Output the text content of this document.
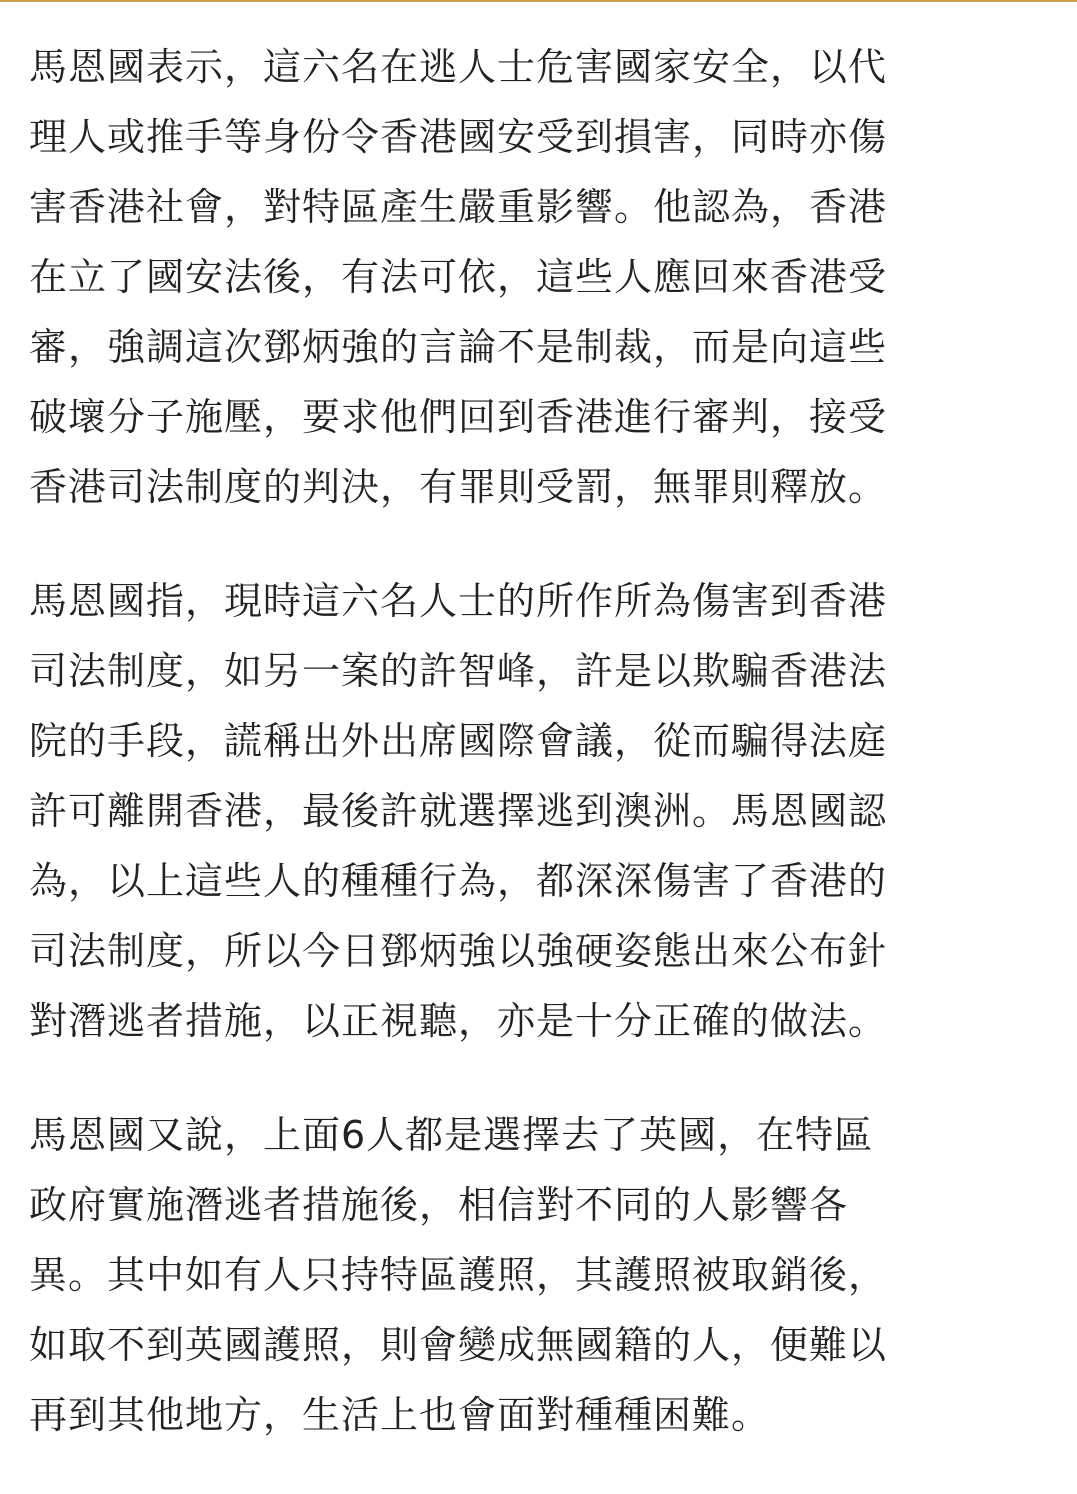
馬恩國表示，這六名在逃人士危害國家安全，以代
理人或推手等身份令香港國安受到損害，同時亦傷
害香港社會，對特區產生嚴重影響。他認為，香港
在立了國安法後，有法可依，這些人應回來香港受
審，強調這次鄧炳強的言論不是制裁，而是向這些
破壞分子施壓，要求他們回到香港進行審判，接受
香港司法制度的判決，有罪則受罰，無罪則釋放。

馬恩國指，現時這六名人士的所作所為傷害到香港
司法制度，如另一案的許智峰，許是以欺騙香港法
院的手段，謊稱出外出席國際會議，從而騙得法庭
許可離開香港，最後許就選擇逃到澳洲。馬恩國認
為，以上這些人的種種行為，都深深傷害了香港的
司法制度，所以今日鄧炳強以強硬姿態出來公布針
對潛逃者措施，以正視聽，亦是十分正確的做法。

馬恩國又說，上面6人都是選擇去了英國，在特區
政府實施潛逃者措施後，相信對不同的人影響各
異。其中如有人只持特區護照，其護照被取銷後，
如取不到英國護照，則會變成無國籍的人，便難以
再到其他地方，生活上也會面對種種困難。
